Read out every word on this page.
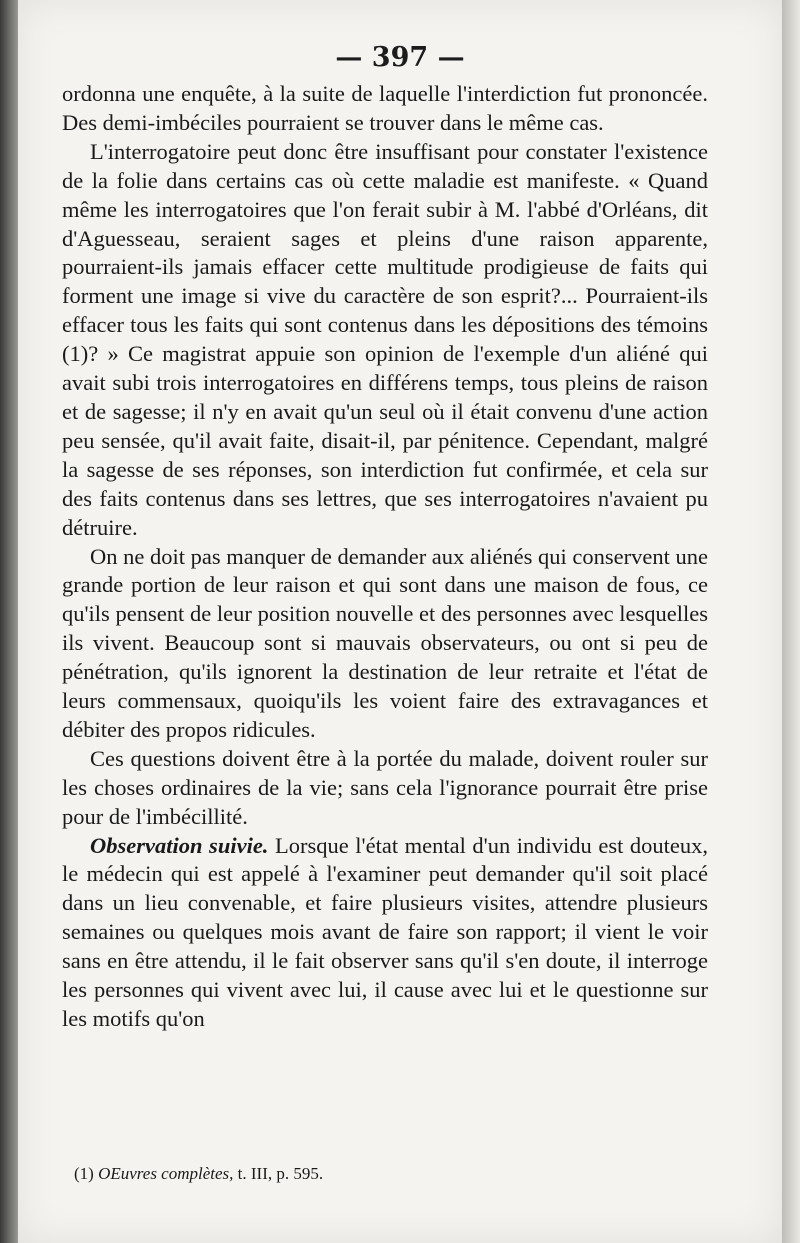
— 397 —

ordonna une enquête, à la suite de laquelle l'interdiction fut prononcée. Des demi-imbéciles pourraient se trouver dans le même cas.

L'interrogatoire peut donc être insuffisant pour constater l'existence de la folie dans certains cas où cette maladie est manifeste. « Quand même les interrogatoires que l'on ferait subir à M. l'abbé d'Orléans, dit d'Aguesseau, seraient sages et pleins d'une raison apparente, pourraient-ils jamais effacer cette multitude prodigieuse de faits qui forment une image si vive du caractère de son esprit?... Pourraient-ils effacer tous les faits qui sont contenus dans les dépositions des témoins (1)? » Ce magistrat appuie son opinion de l'exemple d'un aliéné qui avait subi trois interrogatoires en différens temps, tous pleins de raison et de sagesse; il n'y en avait qu'un seul où il était convenu d'une action peu sensée, qu'il avait faite, disait-il, par pénitence. Cependant, malgré la sagesse de ses réponses, son interdiction fut confirmée, et cela sur des faits contenus dans ses lettres, que ses interrogatoires n'avaient pu détruire.

On ne doit pas manquer de demander aux aliénés qui conservent une grande portion de leur raison et qui sont dans une maison de fous, ce qu'ils pensent de leur position nouvelle et des personnes avec lesquelles ils vivent. Beaucoup sont si mauvais observateurs, ou ont si peu de pénétration, qu'ils ignorent la destination de leur retraite et l'état de leurs commensaux, quoiqu'ils les voient faire des extravagances et débiter des propos ridicules.

Ces questions doivent être à la portée du malade, doivent rouler sur les choses ordinaires de la vie; sans cela l'ignorance pourrait être prise pour de l'imbécillité.

Observation suivie. Lorsque l'état mental d'un individu est douteux, le médecin qui est appelé à l'examiner peut demander qu'il soit placé dans un lieu convenable, et faire plusieurs visites, attendre plusieurs semaines ou quelques mois avant de faire son rapport; il vient le voir sans en être attendu, il le fait observer sans qu'il s'en doute, il interroge les personnes qui vivent avec lui, il cause avec lui et le questionne sur les motifs qu'on

(1) OEuvres complètes, t. III, p. 595.
